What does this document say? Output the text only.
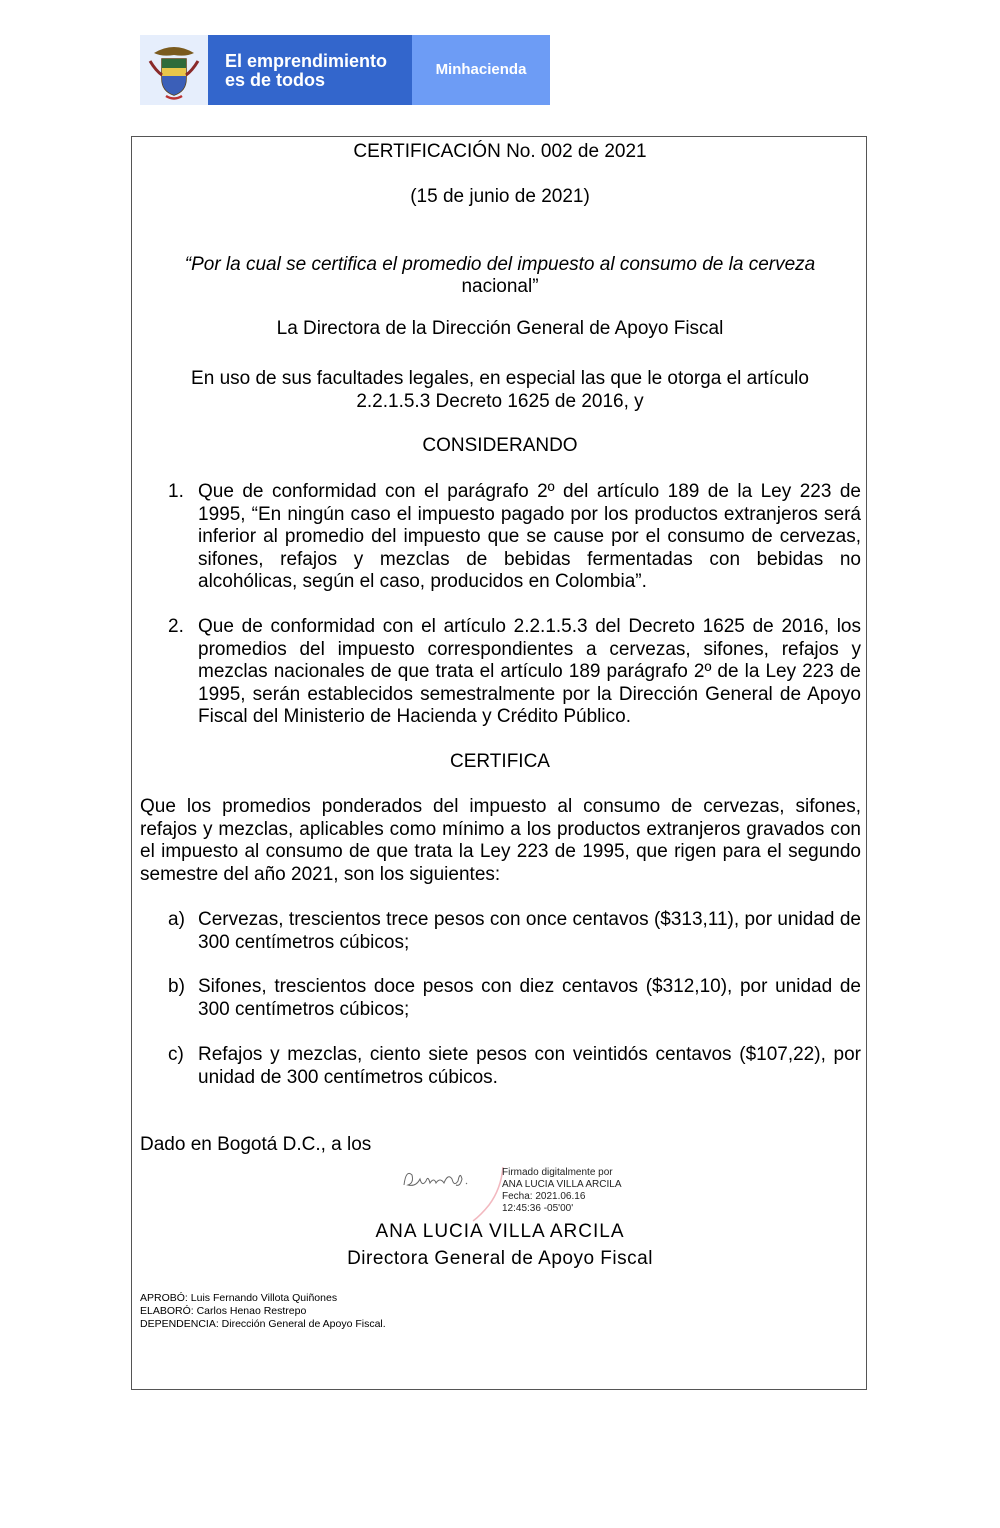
El emprendimiento
es de todos
Minhacienda
CERTIFICACIÓN No. 002 de 2021
(15 de junio de 2021)
“Por la cual se certifica el promedio del impuesto al consumo de la cerveza
nacional”
La Directora de la Dirección General de Apoyo Fiscal
En uso de sus facultades legales, en especial las que le otorga el artículo
2.2.1.5.3 Decreto 1625 de 2016, y
CONSIDERANDO
1. Que de conformidad con el parágrafo 2º del artículo 189 de la Ley 223 de 1995, “En ningún caso el impuesto pagado por los productos extranjeros será inferior al promedio del impuesto que se cause por el consumo de cervezas, sifones, refajos y mezclas de bebidas fermentadas con bebidas no alcohólicas, según el caso, producidos en Colombia”.
2. Que de conformidad con el artículo 2.2.1.5.3 del Decreto 1625 de 2016, los promedios del impuesto correspondientes a cervezas, sifones, refajos y mezclas nacionales de que trata el artículo 189 parágrafo 2º de la Ley 223 de 1995, serán establecidos semestralmente por la Dirección General de Apoyo Fiscal del Ministerio de Hacienda y Crédito Público.
CERTIFICA
Que los promedios ponderados del impuesto al consumo de cervezas, sifones, refajos y mezclas, aplicables como mínimo a los productos extranjeros gravados con el impuesto al consumo de que trata la Ley 223 de 1995, que rigen para el segundo semestre del año 2021, son los siguientes:
a) Cervezas, trescientos trece pesos con once centavos ($313,11), por unidad de 300 centímetros cúbicos;
b) Sifones, trescientos doce pesos con diez centavos ($312,10), por unidad de 300 centímetros cúbicos;
c) Refajos y mezclas, ciento siete pesos con veintidós centavos ($107,22), por unidad de 300 centímetros cúbicos.
Dado en Bogotá D.C., a los
Firmado digitalmente por
ANA LUCIA VILLA ARCILA
Fecha: 2021.06.16
12:45:36 -05'00'
ANA LUCIA VILLA ARCILA
Directora General de Apoyo Fiscal
APROBÓ: Luis Fernando Villota Quiñones
ELABORÓ: Carlos Henao Restrepo
DEPENDENCIA: Dirección General de Apoyo Fiscal.
